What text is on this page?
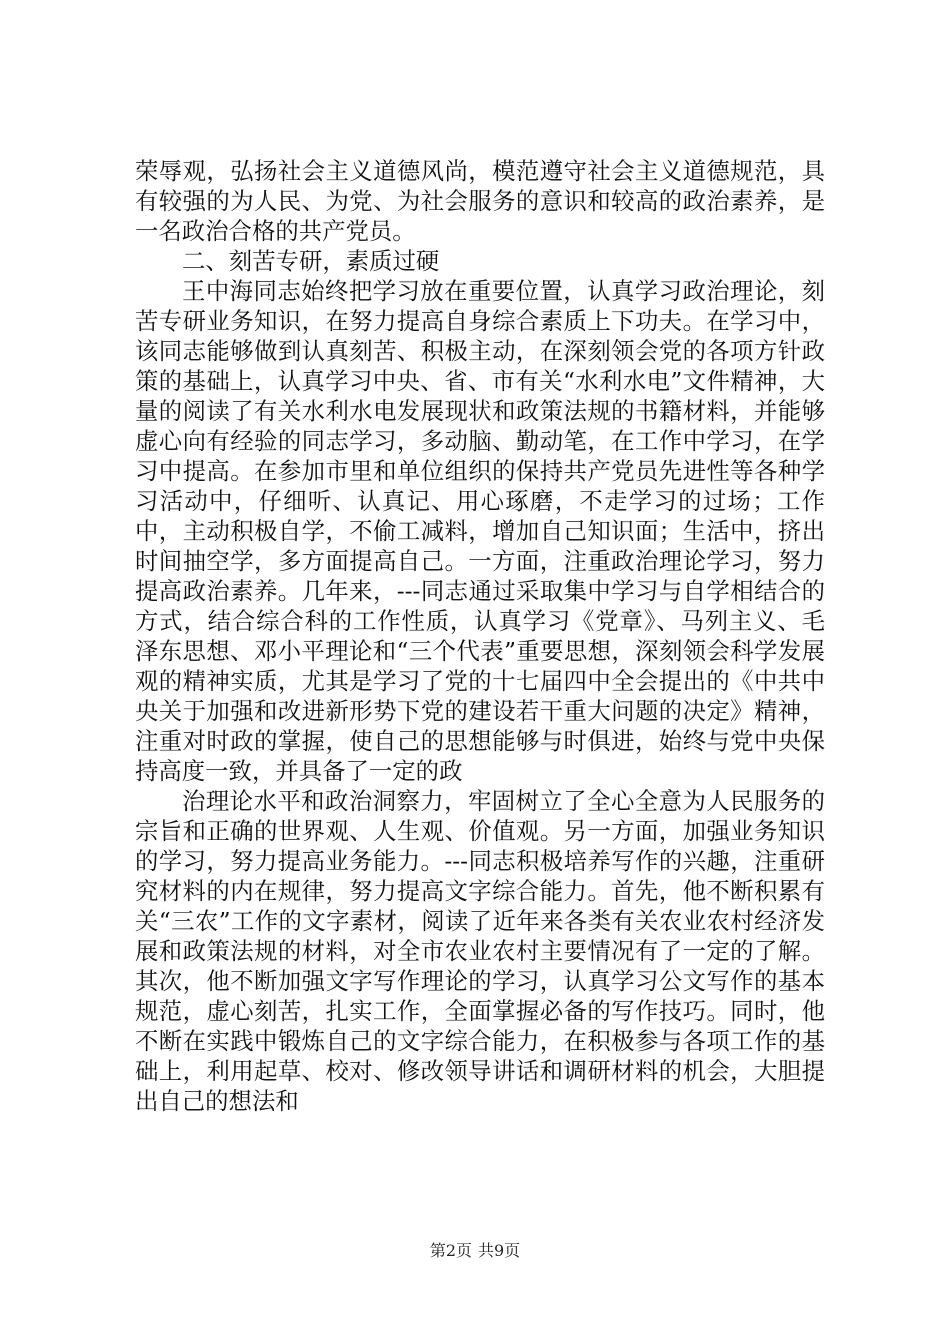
荣辱观，弘扬社会主义道德风尚，模范遵守社会主义道德规范，具有较强的为人民、为党、为社会服务的意识和较高的政治素养，是一名政治合格的共产党员。

二、刻苦专研，素质过硬

王中海同志始终把学习放在重要位置，认真学习政治理论，刻苦专研业务知识，在努力提高自身综合素质上下功夫。在学习中，该同志能够做到认真刻苦、积极主动，在深刻领会党的各项方针政策的基础上，认真学习中央、省、市有关“水利水电”文件精神，大量的阅读了有关水利水电发展现状和政策法规的书籍材料，并能够虚心向有经验的同志学习，多动脑、勤动笔，在工作中学习，在学习中提高。在参加市里和单位组织的保持共产党员先进性等各种学习活动中，仔细听、认真记、用心琢磨，不走学习的过场；工作中，主动积极自学，不偷工减料，增加自己知识面；生活中，挤出时间抽空学，多方面提高自己。一方面，注重政治理论学习，努力提高政治素养。几年来，---同志通过采取集中学习与自学相结合的方式，结合综合科的工作性质，认真学习《党章》、马列主义、毛泽东思想、邓小平理论和“三个代表”重要思想，深刻领会科学发展观的精神实质，尤其是学习了党的十七届四中全会提出的《中共中央关于加强和改进新形势下党的建设若干重大问题的决定》精神，注重对时政的掌握，使自己的思想能够与时俱进，始终与党中央保持高度一致，并具备了一定的政

治理论水平和政治洞察力，牢固树立了全心全意为人民服务的宗旨和正确的世界观、人生观、价值观。另一方面，加强业务知识的学习，努力提高业务能力。---同志积极培养写作的兴趣，注重研究材料的内在规律，努力提高文字综合能力。首先，他不断积累有关“三农”工作的文字素材，阅读了近年来各类有关农业农村经济发展和政策法规的材料，对全市农业农村主要情况有了一定的了解。其次，他不断加强文字写作理论的学习，认真学习公文写作的基本规范，虚心刻苦，扎实工作，全面掌握必备的写作技巧。同时，他不断在实践中锻炼自己的文字综合能力，在积极参与各项工作的基础上，利用起草、校对、修改领导讲话和调研材料的机会，大胆提出自己的想法和

第2页 共9页
